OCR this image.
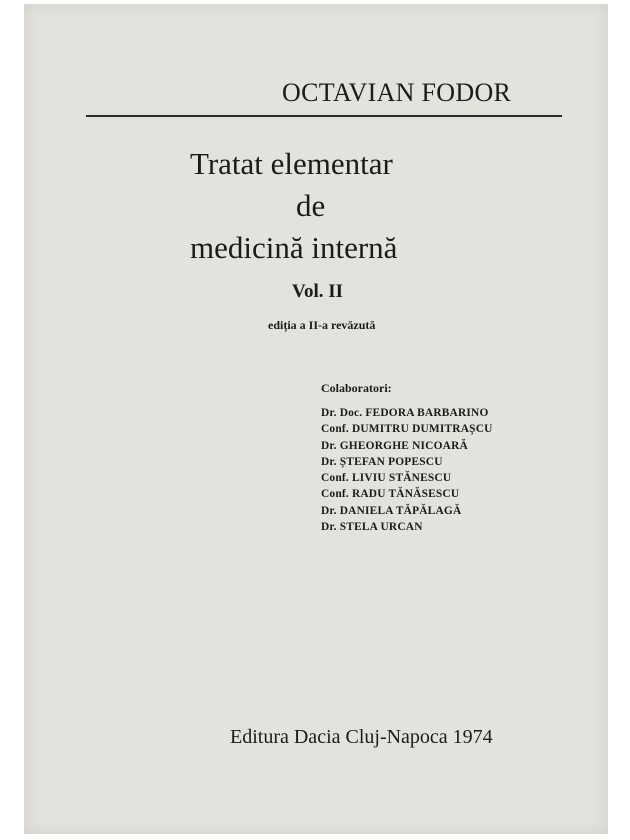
OCTAVIAN FODOR
Tratat elementar
de
medicină internă
Vol. II
ediția a II-a revăzută
Colaboratori:
Dr. Doc. FEDORA BARBARINO
Conf. DUMITRU DUMITRAȘCU
Dr. GHEORGHE NICOARĂ
Dr. ȘTEFAN POPESCU
Conf. LIVIU STĂNESCU
Conf. RADU TĂNĂSESCU
Dr. DANIELA TĂPĂLAGĂ
Dr. STELA URCAN
Editura Dacia Cluj-Napoca 1974
